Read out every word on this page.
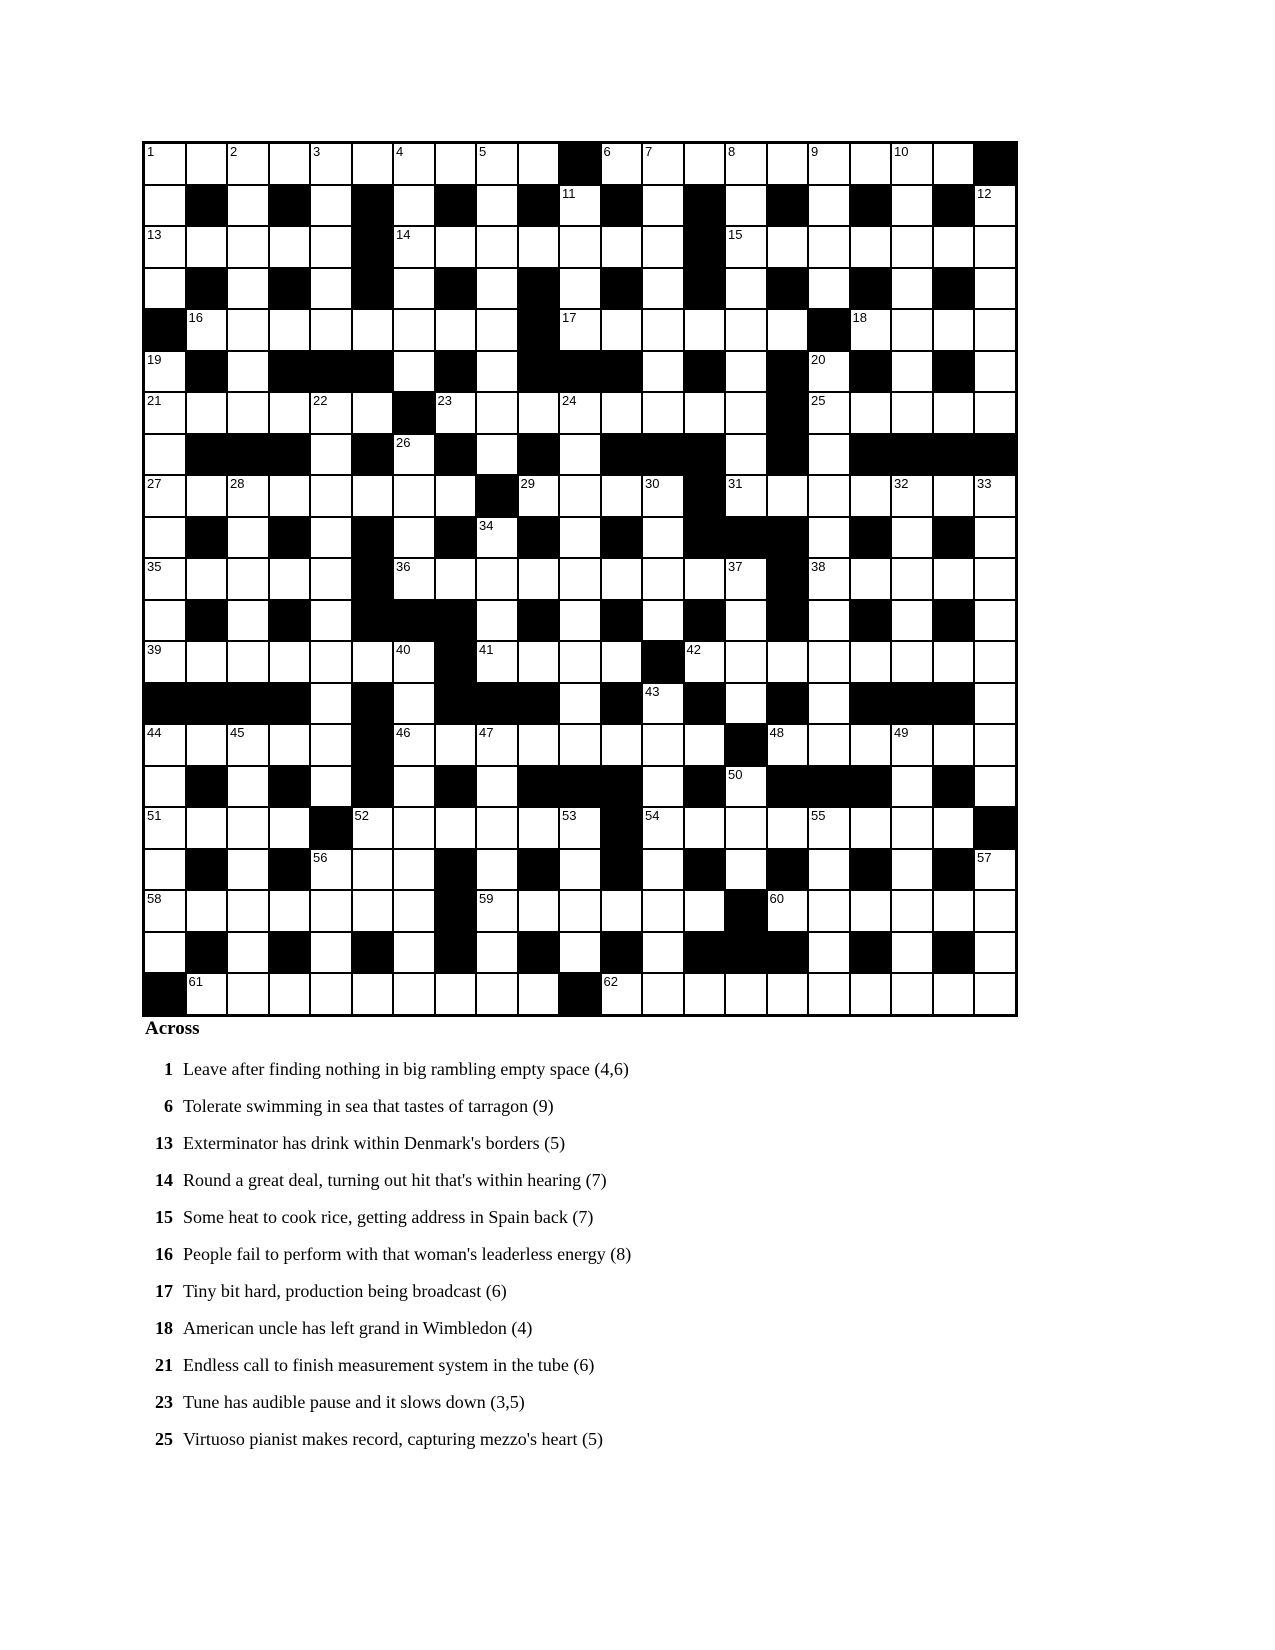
1	2	3	4	5	6	7	8	9	10
11	12
13	14	15
16	17	18
19	20
21	22	23	24	25
26
27	28	29	30	31	32	33
34
35	36	37	38
39	40	41	42
43
44	45	46	47	48	49
50
51	52	53	54	55
56	57
58	59	60
61	62
Across
1 Leave after finding nothing in big rambling empty space (4,6)
6 Tolerate swimming in sea that tastes of tarragon (9)
13 Exterminator has drink within Denmark's borders (5)
14 Round a great deal, turning out hit that's within hearing (7)
15 Some heat to cook rice, getting address in Spain back (7)
16 People fail to perform with that woman's leaderless energy (8)
17 Tiny bit hard, production being broadcast (6)
18 American uncle has left grand in Wimbledon (4)
21 Endless call to finish measurement system in the tube (6)
23 Tune has audible pause and it slows down (3,5)
25 Virtuoso pianist makes record, capturing mezzo's heart (5)
